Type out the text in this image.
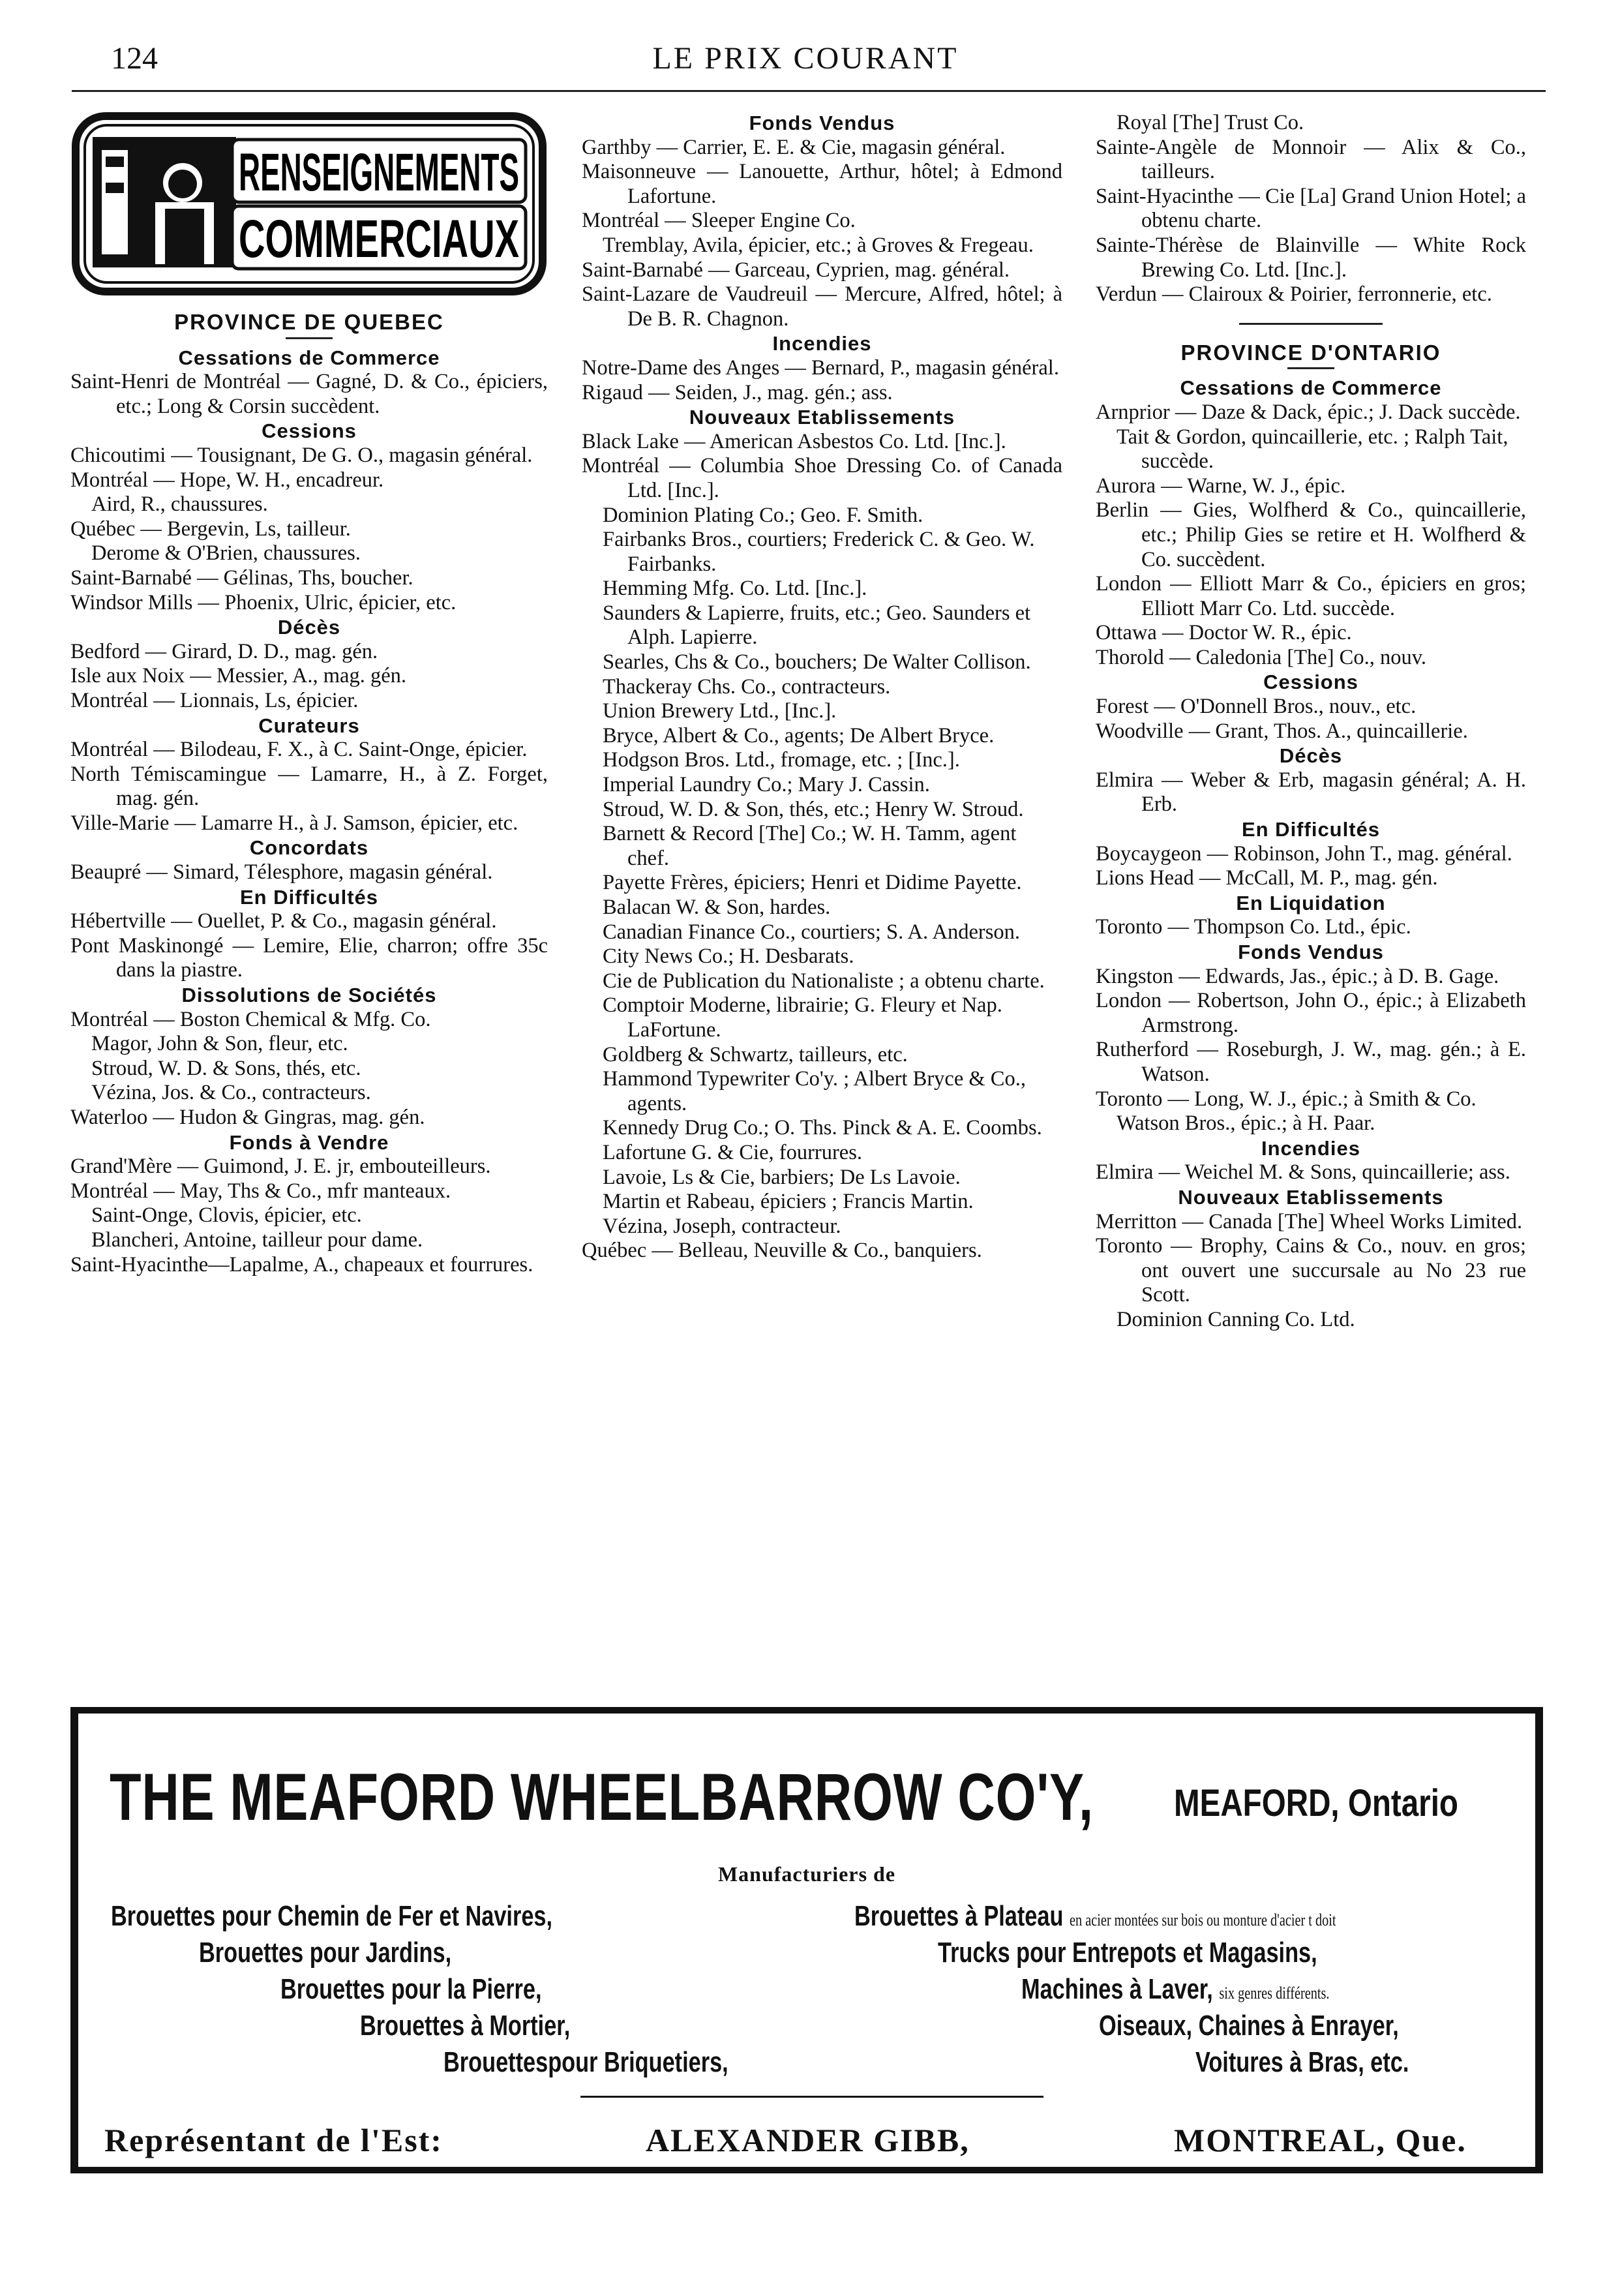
124	LE PRIX COURANT
RENSEIGNEMENTS
COMMERCIAUX
PROVINCE DE QUEBEC
Cessations de Commerce
Saint-Henri de Montréal — Gagné, D. & Co., épiciers, etc.; Long & Corsin succèdent.
Cessions
Chicoutimi — Tousignant, De G. O., magasin général.
Montréal — Hope, W. H., encadreur.
Aird, R., chaussures.
Québec — Bergevin, Ls, tailleur.
Derome & O'Brien, chaussures.
Saint-Barnabé — Gélinas, Ths, boucher.
Windsor Mills — Phoenix, Ulric, épicier, etc.
Décès
Bedford — Girard, D. D., mag. gén.
Isle aux Noix — Messier, A., mag. gén.
Montréal — Lionnais, Ls, épicier.
Curateurs
Montréal — Bilodeau, F. X., à C. Saint-Onge, épicier.
North Témiscamingue — Lamarre, H., à Z. Forget, mag. gén.
Ville-Marie — Lamarre H., à J. Samson, épicier, etc.
Concordats
Beaupré — Simard, Télesphore, magasin général.
En Difficultés
Hébertville — Ouellet, P. & Co., magasin général.
Pont Maskinongé — Lemire, Elie, charron; offre 35c dans la piastre.
Dissolutions de Sociétés
Montréal — Boston Chemical & Mfg. Co.
Magor, John & Son, fleur, etc.
Stroud, W. D. & Sons, thés, etc.
Vézina, Jos. & Co., contracteurs.
Waterloo — Hudon & Gingras, mag. gén.
Fonds à Vendre
Grand'Mère — Guimond, J. E. jr, embouteilleurs.
Montréal — May, Ths & Co., mfr manteaux.
Saint-Onge, Clovis, épicier, etc.
Blancheri, Antoine, tailleur pour dame.
Saint-Hyacinthe—Lapalme, A., chapeaux et fourrures.
Fonds Vendus
Garthby — Carrier, E. E. & Cie, magasin général.
Maisonneuve — Lanouette, Arthur, hôtel; à Edmond Lafortune.
Montréal — Sleeper Engine Co.
Tremblay, Avila, épicier, etc.; à Groves & Fregeau.
Saint-Barnabé — Garceau, Cyprien, mag. général.
Saint-Lazare de Vaudreuil — Mercure, Alfred, hôtel; à De B. R. Chagnon.
Incendies
Notre-Dame des Anges — Bernard, P., magasin général.
Rigaud — Seiden, J., mag. gén.; ass.
Nouveaux Etablissements
Black Lake — American Asbestos Co. Ltd. [Inc.].
Montréal — Columbia Shoe Dressing Co. of Canada Ltd. [Inc.].
Dominion Plating Co.; Geo. F. Smith.
Fairbanks Bros., courtiers; Frederick C. & Geo. W. Fairbanks.
Hemming Mfg. Co. Ltd. [Inc.].
Saunders & Lapierre, fruits, etc.; Geo. Saunders et Alph. Lapierre.
Searles, Chs & Co., bouchers; De Walter Collison.
Thackeray Chs. Co., contracteurs.
Union Brewery Ltd., [Inc.].
Bryce, Albert & Co., agents; De Albert Bryce.
Hodgson Bros. Ltd., fromage, etc. ; [Inc.].
Imperial Laundry Co.; Mary J. Cassin.
Stroud, W. D. & Son, thés, etc.; Henry W. Stroud.
Barnett & Record [The] Co.; W. H. Tamm, agent chef.
Payette Frères, épiciers; Henri et Didime Payette.
Balacan W. & Son, hardes.
Canadian Finance Co., courtiers; S. A. Anderson.
City News Co.; H. Desbarats.
Cie de Publication du Nationaliste ; a obtenu charte.
Comptoir Moderne, librairie; G. Fleury et Nap. LaFortune.
Goldberg & Schwartz, tailleurs, etc.
Hammond Typewriter Co'y. ; Albert Bryce & Co., agents.
Kennedy Drug Co.; O. Ths. Pinck & A. E. Coombs.
Lafortune G. & Cie, fourrures.
Lavoie, Ls & Cie, barbiers; De Ls Lavoie.
Martin et Rabeau, épiciers ; Francis Martin.
Vézina, Joseph, contracteur.
Québec — Belleau, Neuville & Co., banquiers.
Royal [The] Trust Co.
Sainte-Angèle de Monnoir — Alix & Co., tailleurs.
Saint-Hyacinthe — Cie [La] Grand Union Hotel; a obtenu charte.
Sainte-Thérèse de Blainville — White Rock Brewing Co. Ltd. [Inc.].
Verdun — Clairoux & Poirier, ferronnerie, etc.
PROVINCE D'ONTARIO
Cessations de Commerce
Arnprior — Daze & Dack, épic.; J. Dack succède.
Tait & Gordon, quincaillerie, etc. ; Ralph Tait, succède.
Aurora — Warne, W. J., épic.
Berlin — Gies, Wolfherd & Co., quincaillerie, etc.; Philip Gies se retire et H. Wolfherd & Co. succèdent.
London — Elliott Marr & Co., épiciers en gros; Elliott Marr Co. Ltd. succède.
Ottawa — Doctor W. R., épic.
Thorold — Caledonia [The] Co., nouv.
Cessions
Forest — O'Donnell Bros., nouv., etc.
Woodville — Grant, Thos. A., quincaillerie.
Décès
Elmira — Weber & Erb, magasin général; A. H. Erb.
En Difficultés
Boycaygeon — Robinson, John T., mag. général.
Lions Head — McCall, M. P., mag. gén.
En Liquidation
Toronto — Thompson Co. Ltd., épic.
Fonds Vendus
Kingston — Edwards, Jas., épic.; à D. B. Gage.
London — Robertson, John O., épic.; à Elizabeth Armstrong.
Rutherford — Roseburgh, J. W., mag. gén.; à E. Watson.
Toronto — Long, W. J., épic.; à Smith & Co.
Watson Bros., épic.; à H. Paar.
Incendies
Elmira — Weichel M. & Sons, quincaillerie; ass.
Nouveaux Etablissements
Merritton — Canada [The] Wheel Works Limited.
Toronto — Brophy, Cains & Co., nouv. en gros; ont ouvert une succursale au No 23 rue Scott.
Dominion Canning Co. Ltd.
THE MEAFORD WHEELBARROW CO'Y, MEAFORD, Ontario
Manufacturiers de
Brouettes pour Chemin de Fer et Navires,
Brouettes pour Jardins,
Brouettes pour la Pierre,
Brouettes à Mortier,
Brouettespour Briquetiers,
Brouettes à Plateau en acier montées sur bois ou monture d'acier t doit
Trucks pour Entrepots et Magasins,
Machines à Laver, six genres différents.
Oiseaux, Chaines à Enrayer,
Voitures à Bras, etc.
Représentant de l'Est:	ALEXANDER GIBB,	MONTREAL, Que.
